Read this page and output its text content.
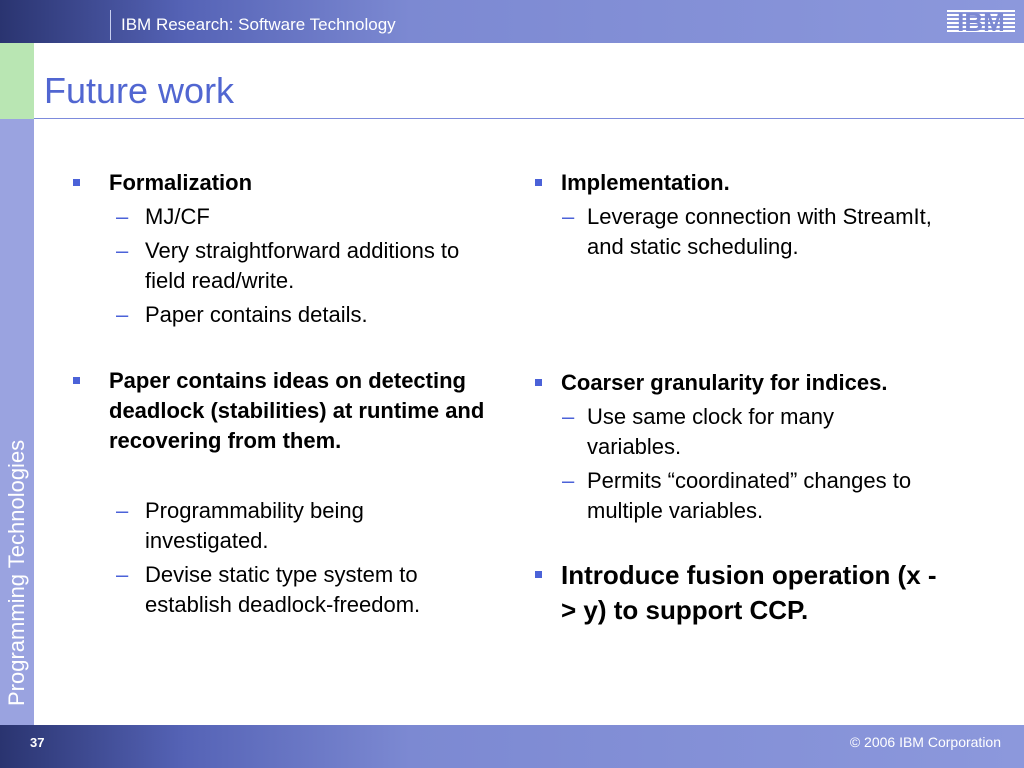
IBM Research: Software Technology	IBM
Programming Technologies
Future work
Formalization
– MJ/CF
– Very straightforward additions to field read/write.
– Paper contains details.
Paper contains ideas on detecting deadlock (stabilities) at runtime and recovering from them.
– Programmability being investigated.
– Devise static type system to establish deadlock-freedom.
Implementation.
– Leverage connection with StreamIt, and static scheduling.
Coarser granularity for indices.
– Use same clock for many variables.
– Permits “coordinated” changes to multiple variables.
Introduce fusion operation (x -> y) to support CCP.
37	© 2006 IBM Corporation
